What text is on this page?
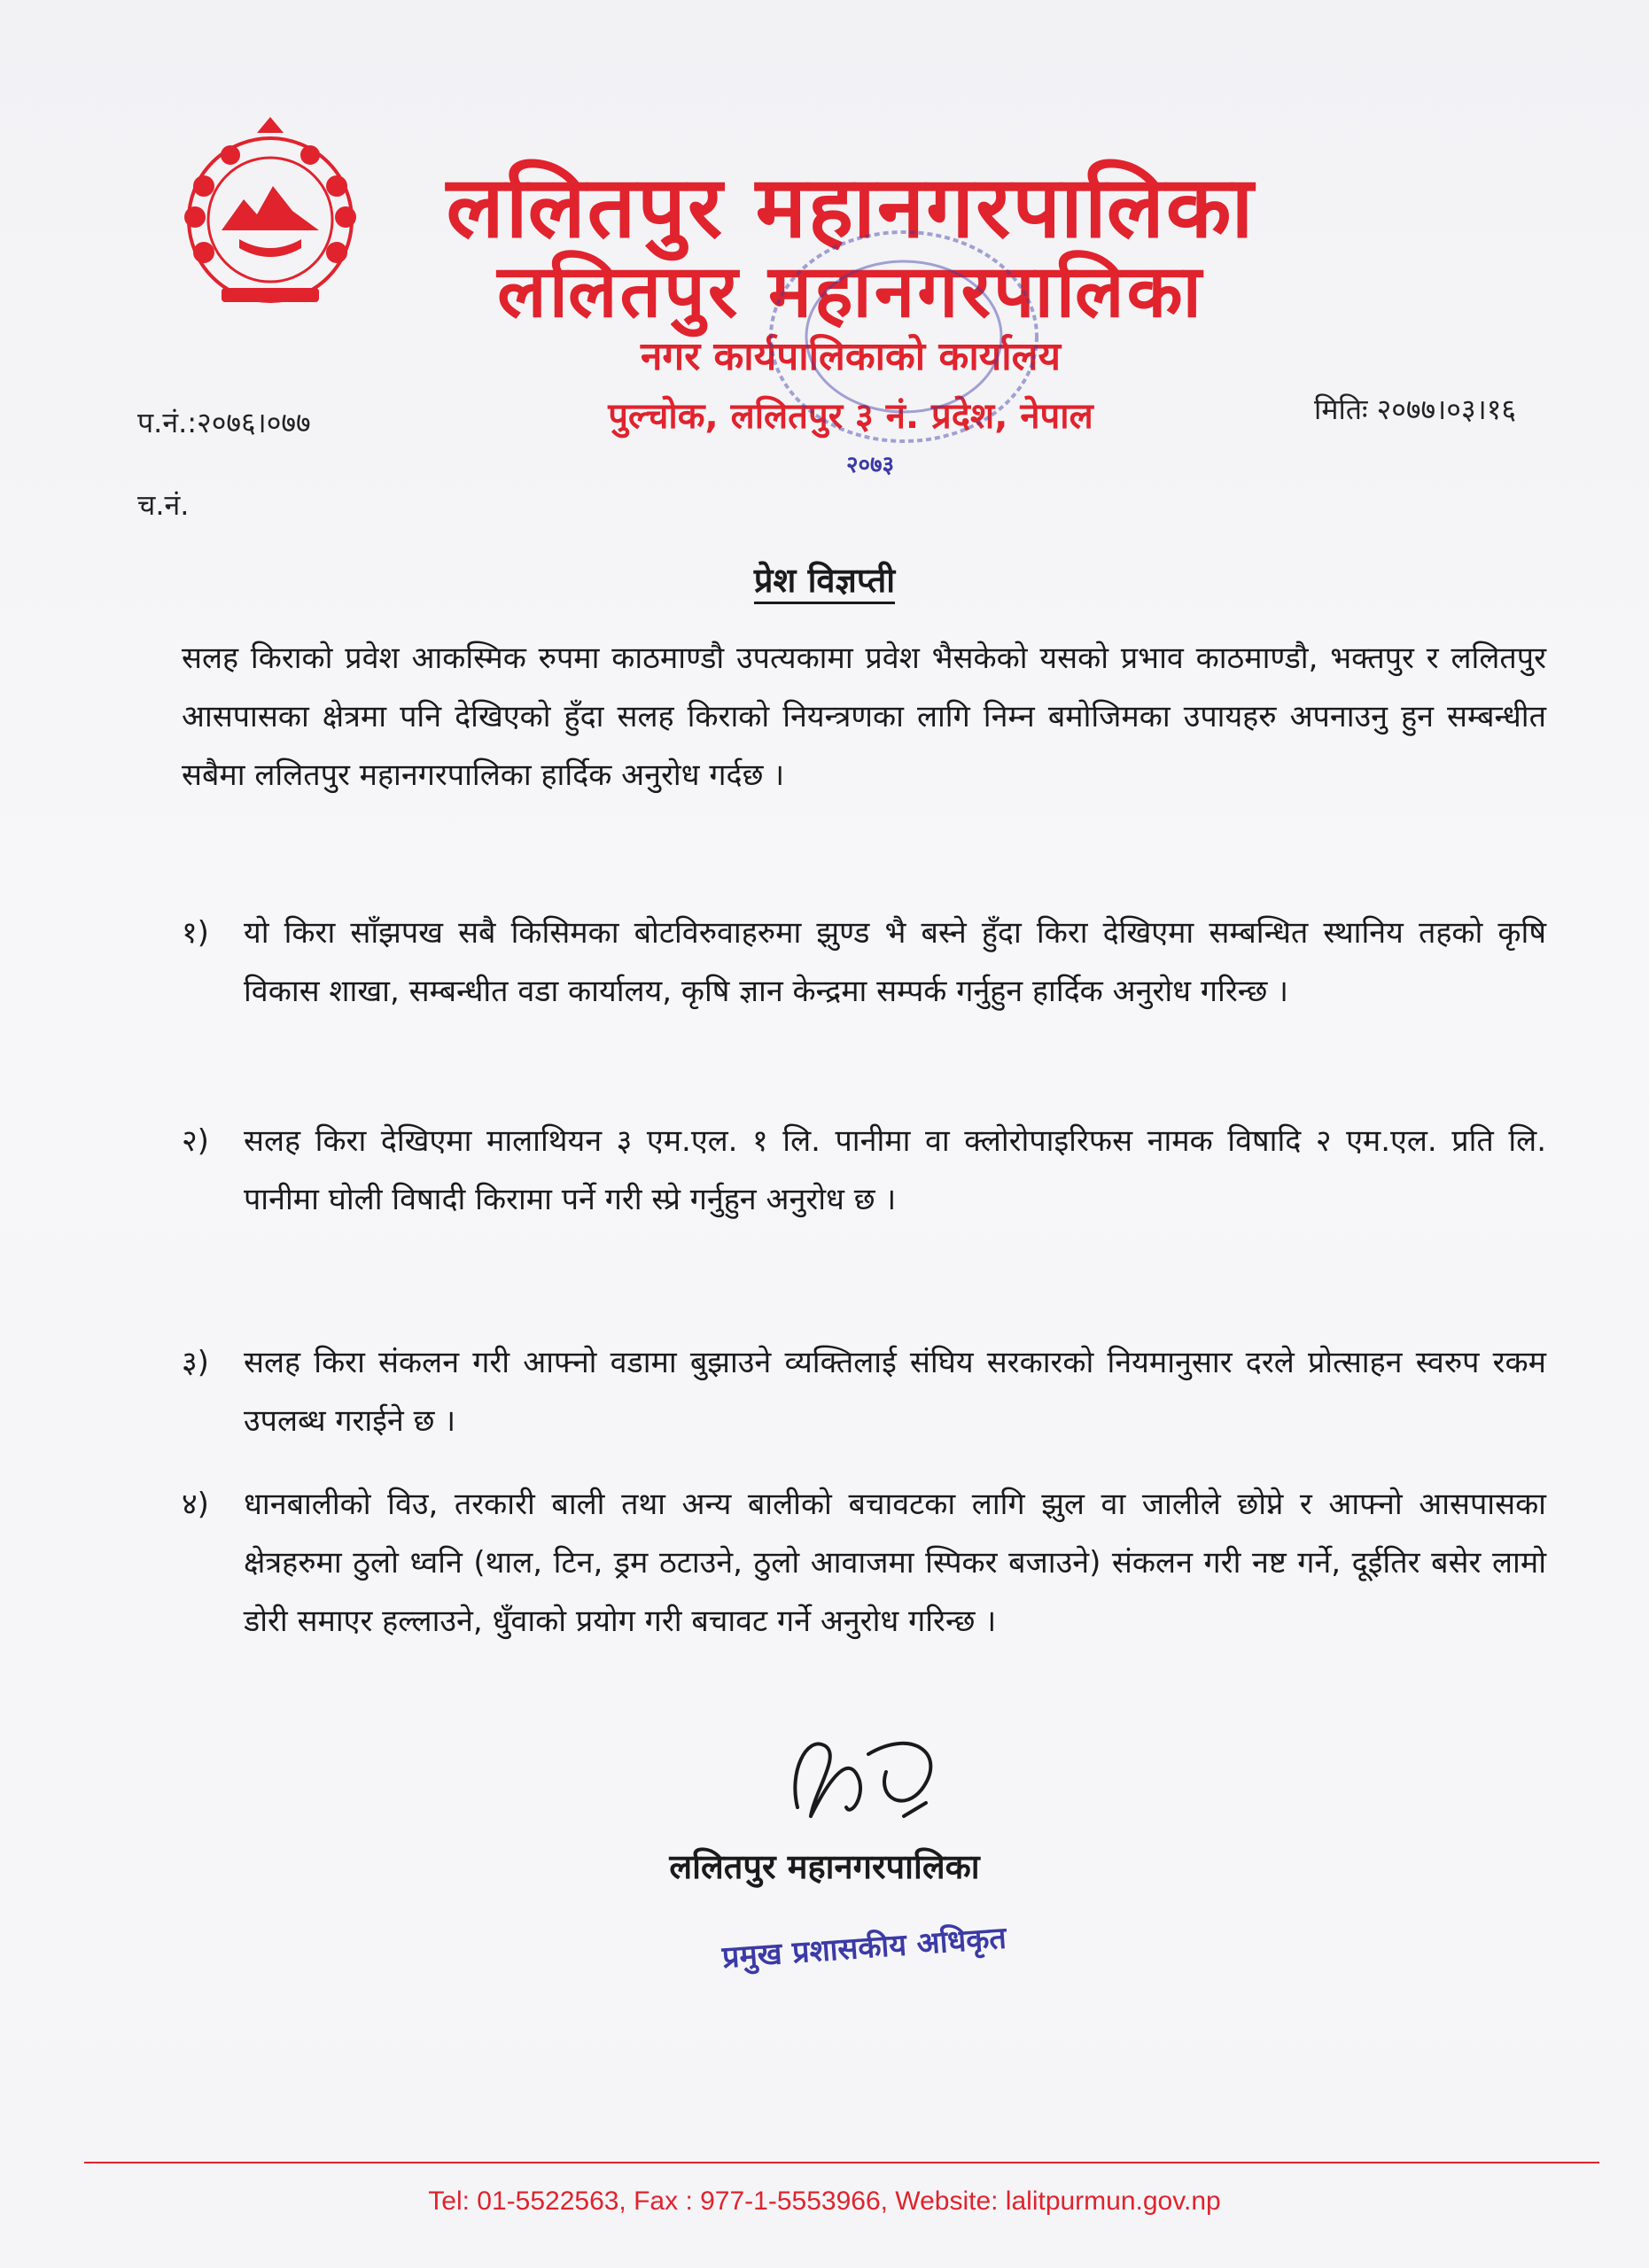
ललितपुर महानगरपालिका
ललितपुर महानगरपालिका
नगर कार्यपालिकाको कार्यालय
पुल्चोक, ललितपुर ३ नं. प्रदेश, नेपाल
२०७३
प.नं.:२०७६।०७७	मितिः २०७७।०३।१६
च.नं.
प्रेश विज्ञप्ती
सलह किराको प्रवेश आकस्मिक रुपमा काठमाण्डौ उपत्यकामा प्रवेश भैसकेको यसको प्रभाव काठमाण्डौ, भक्तपुर र ललितपुर आसपासका क्षेत्रमा पनि देखिएको हुँदा सलह किराको नियन्त्रणका लागि निम्न बमोजिमका उपायहरु अपनाउनु हुन सम्बन्धीत सबैमा ललितपुर महानगरपालिका हार्दिक अनुरोध गर्दछ ।
१) यो किरा साँझपख सबै किसिमका बोटविरुवाहरुमा झुण्ड भै बस्ने हुँदा किरा देखिएमा सम्बन्धित स्थानिय तहको कृषि विकास शाखा, सम्बन्धीत वडा कार्यालय, कृषि ज्ञान केन्द्रमा सम्पर्क गर्नुहुन हार्दिक अनुरोध गरिन्छ ।
२) सलह किरा देखिएमा मालाथियन ३ एम.एल. १ लि. पानीमा वा क्लोरोपाइरिफस नामक विषादि २ एम.एल. प्रति लि. पानीमा घोली विषादी किरामा पर्ने गरी स्प्रे गर्नुहुन अनुरोध छ ।
३) सलह किरा संकलन गरी आफ्नो वडामा बुझाउने व्यक्तिलाई संघिय सरकारको नियमानुसार दरले प्रोत्साहन स्वरुप रकम उपलब्ध गराईने छ ।
४) धानबालीको विउ, तरकारी बाली तथा अन्य बालीको बचावटका लागि झुल वा जालीले छोप्ने र आफ्नो आसपासका क्षेत्रहरुमा ठुलो ध्वनि (थाल, टिन, ड्रम ठटाउने, ठुलो आवाजमा स्पिकर बजाउने) संकलन गरी नष्ट गर्ने, दूईतिर बसेर लामो डोरी समाएर हल्लाउने, धुँवाको प्रयोग गरी बचावट गर्ने अनुरोध गरिन्छ ।
ललितपुर महानगरपालिका
प्रमुख प्रशासकीय अधिकृत
Tel: 01-5522563, Fax : 977-1-5553966, Website: lalitpurmun.gov.np
